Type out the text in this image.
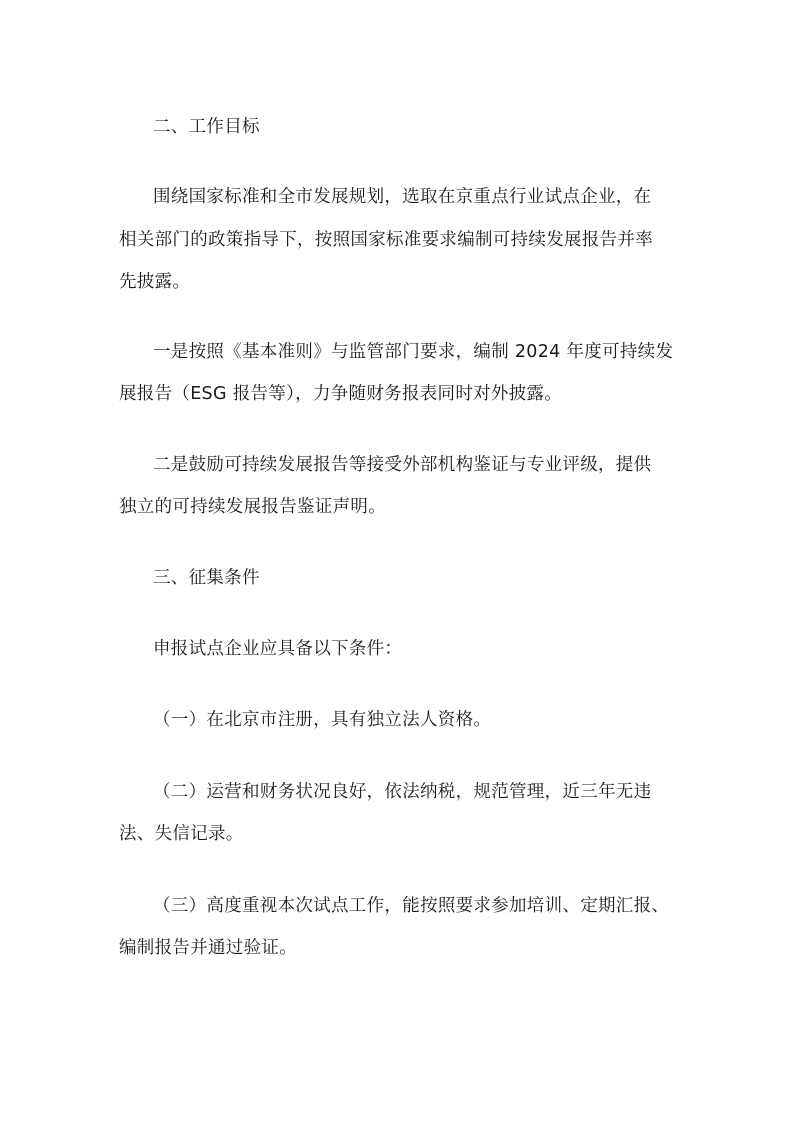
二、工作目标
围绕国家标准和全市发展规划，选取在京重点行业试点企业，在
相关部门的政策指导下，按照国家标准要求编制可持续发展报告并率
先披露。
一是按照《基本准则》与监管部门要求，编制 2024 年度可持续发
展报告（ESG 报告等），力争随财务报表同时对外披露。
二是鼓励可持续发展报告等接受外部机构鉴证与专业评级，提供
独立的可持续发展报告鉴证声明。
三、征集条件
申报试点企业应具备以下条件：
（一）在北京市注册，具有独立法人资格。
（二）运营和财务状况良好，依法纳税，规范管理，近三年无违
法、失信记录。
（三）高度重视本次试点工作，能按照要求参加培训、定期汇报、
编制报告并通过验证。
